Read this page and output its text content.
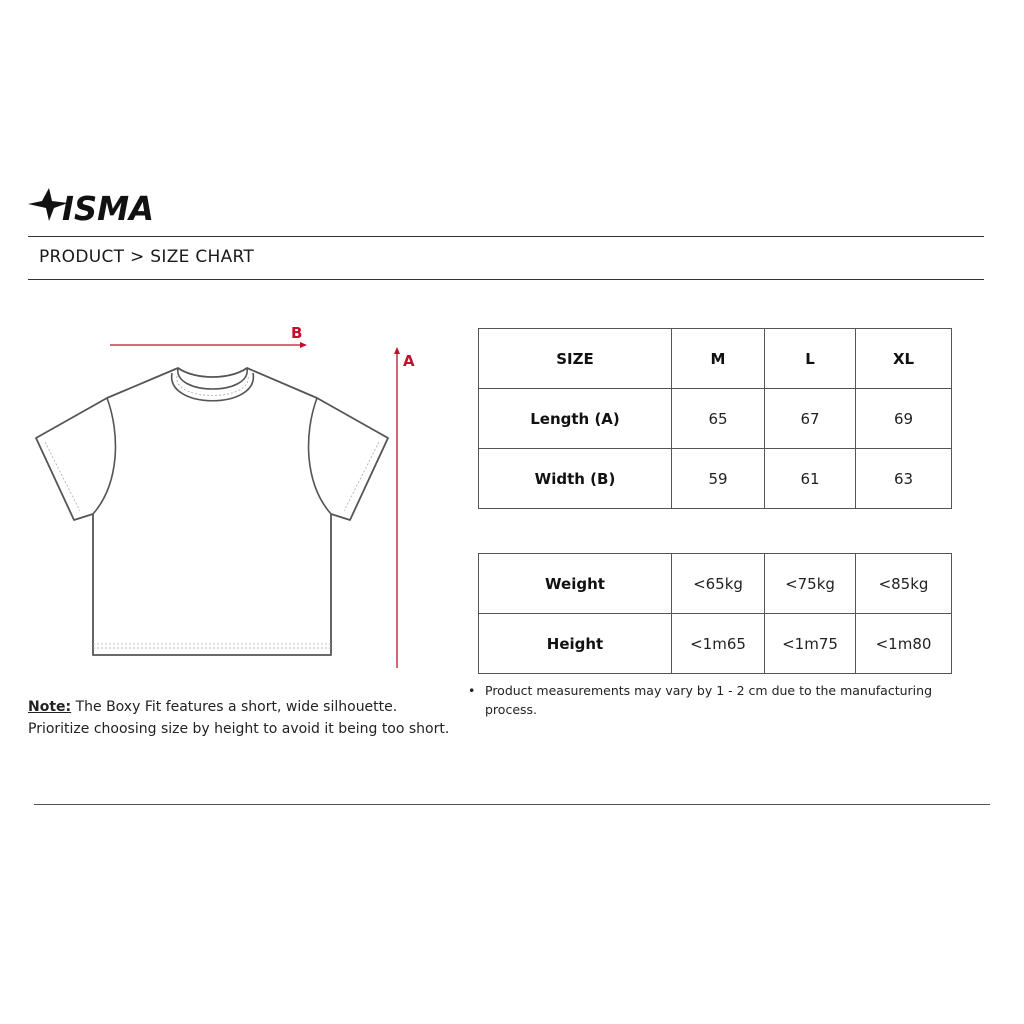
ISMA
PRODUCT > SIZE CHART
B
A	SIZE	M	L	XL
Length (A)	65	67	69
Width (B)	59	61	63
Weight	<65kg	<75kg	<85kg
Height	<1m65	<1m75	<1m80
• Product measurements may vary by 1 - 2 cm due to the manufacturing process.
Note: The Boxy Fit features a short, wide silhouette.
Prioritize choosing size by height to avoid it being too short.
